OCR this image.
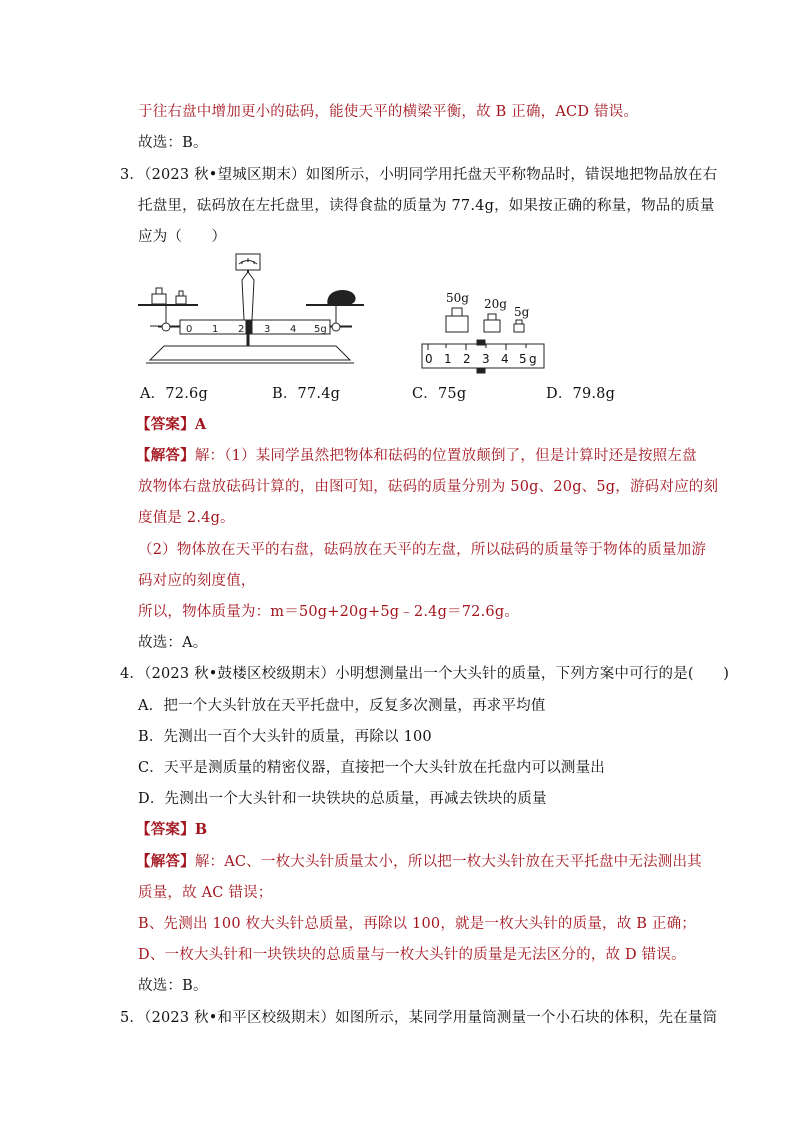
于往右盘中增加更小的砝码，能使天平的横梁平衡，故 B 正确，ACD 错误。
故选：B。
3．（2023 秋•望城区期末）如图所示，小明同学用托盘天平称物品时，错误地把物品放在右
托盘里，砝码放在左托盘里，读得食盐的质量为 77.4g，如果按正确的称量，物品的质量
应为（　　）
0 1 2 3 4 5g
50g 20g
5g
0 1 2 3 4 5 g
A．72.6g	B．77.4g	C．75g	D．79.8g
【答案】A
【解答】解：（1）某同学虽然把物体和砝码的位置放颠倒了，但是计算时还是按照左盘
放物体右盘放砝码计算的，由图可知，砝码的质量分别为 50g、20g、5g，游码对应的刻
度值是 2.4g。
（2）物体放在天平的右盘，砝码放在天平的左盘，所以砝码的质量等于物体的质量加游
码对应的刻度值，
所以，物体质量为：m＝50g+20g+5g﹣2.4g＝72.6g。
故选：A。
4．（2023 秋•鼓楼区校级期末）小明想测量出一个大头针的质量，下列方案中可行的是(　　)
A．把一个大头针放在天平托盘中，反复多次测量，再求平均值
B．先测出一百个大头针的质量，再除以 100
C．天平是测质量的精密仪器，直接把一个大头针放在托盘内可以测量出
D．先测出一个大头针和一块铁块的总质量，再减去铁块的质量
【答案】B
【解答】解：AC、一枚大头针质量太小，所以把一枚大头针放在天平托盘中无法测出其
质量，故 AC 错误；
B、先测出 100 枚大头针总质量，再除以 100，就是一枚大头针的质量，故 B 正确；
D、一枚大头针和一块铁块的总质量与一枚大头针的质量是无法区分的，故 D 错误。
故选：B。
5．（2023 秋•和平区校级期末）如图所示，某同学用量筒测量一个小石块的体积，先在量筒
